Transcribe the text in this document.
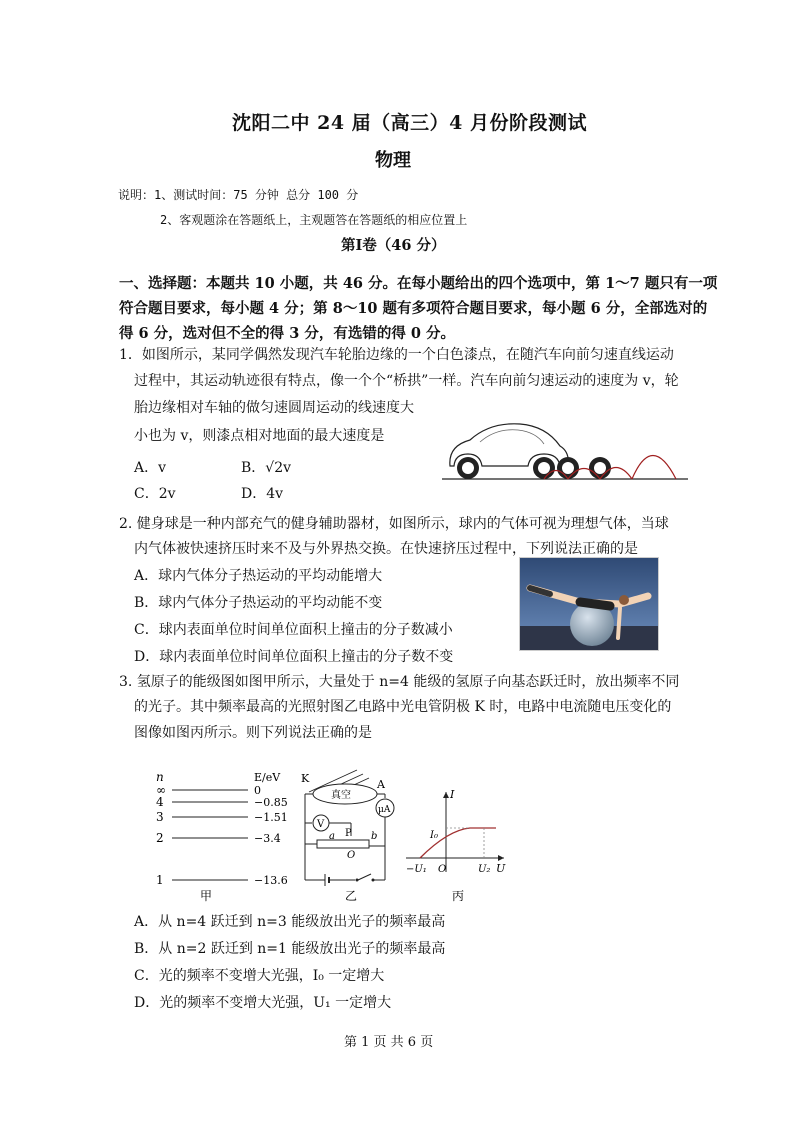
沈阳二中 24 届（高三）4 月份阶段测试
物理
说明：1、测试时间：75 分钟 总分 100 分
2、客观题涂在答题纸上，主观题答在答题纸的相应位置上
第Ⅰ卷（46 分）
一、选择题：本题共 10 小题，共 46 分。在每小题给出的四个选项中，第 1～7 题只有一项
符合题目要求，每小题 4 分；第 8～10 题有多项符合题目要求，每小题 6 分，全部选对的
得 6 分，选对但不全的得 3 分，有选错的得 0 分。
1．如图所示，某同学偶然发现汽车轮胎边缘的一个白色漆点，在随汽车向前匀速直线运动
过程中，其运动轨迹很有特点，像一个个“桥拱”一样。汽车向前匀速运动的速度为 v，轮
胎边缘相对车轴的做匀速圆周运动的线速度大
小也为 v，则漆点相对地面的最大速度是
A．v	B．√2v
C．2v	D．4v
2. 健身球是一种内部充气的健身辅助器材，如图所示，球内的气体可视为理想气体，当球
内气体被快速挤压时来不及与外界热交换。在快速挤压过程中，下列说法正确的是
A．球内气体分子热运动的平均动能增大
B．球内气体分子热运动的平均动能不变
C．球内表面单位时间单位面积上撞击的分子数减小
D．球内表面单位时间单位面积上撞击的分子数不变
3. 氢原子的能级图如图甲所示，大量处于 n=4 能级的氢原子向基态跃迁时，放出频率不同
的光子。其中频率最高的光照射图乙电路中光电管阴极 K 时，电路中电流随电压变化的
图像如图丙所示。则下列说法正确的是
n	E/eV
∞	0
4	−0.85
3	−1.51
2	−3.4
1	−13.6
甲
K
真空
A
μA
V
P
a	b
O
乙
I
U
I₀
−U₁ O	U₂
丙
A．从 n=4 跃迁到 n=3 能级放出光子的频率最高
B．从 n=2 跃迁到 n=1 能级放出光子的频率最高
C．光的频率不变增大光强，I₀ 一定增大
D．光的频率不变增大光强，U₁ 一定增大
第 1 页 共 6 页
